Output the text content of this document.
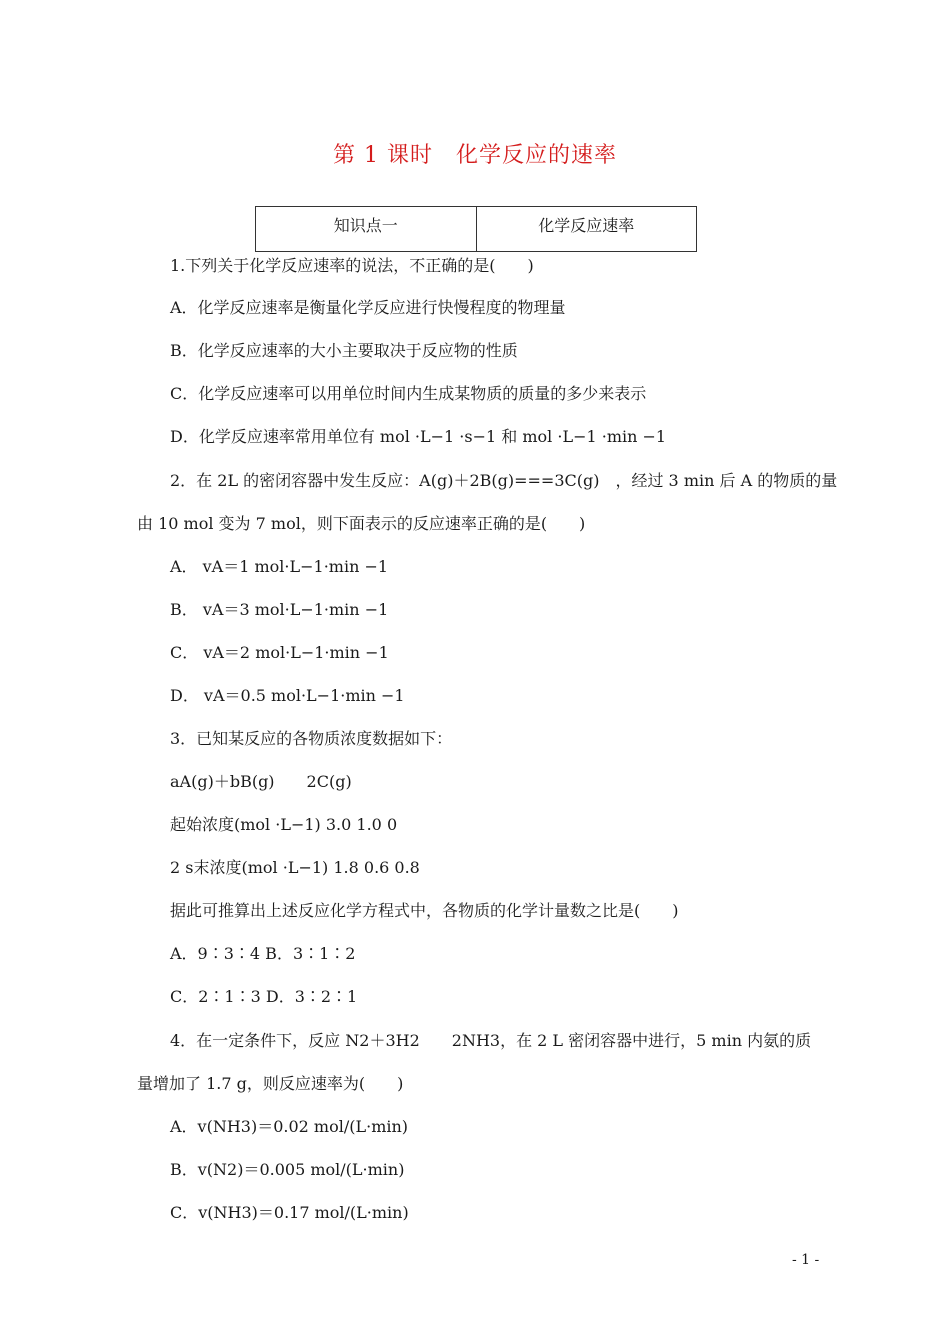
第 1 课时　化学反应的速率
知识点一	化学反应速率
1.下列关于化学反应速率的说法，不正确的是(　　)
A．化学反应速率是衡量化学反应进行快慢程度的物理量
B．化学反应速率的大小主要取决于反应物的性质
C．化学反应速率可以用单位时间内生成某物质的质量的多少来表示
D．化学反应速率常用单位有 mol ·L−1 ·s−1 和 mol ·L−1 ·min −1
2．在 2L 的密闭容器中发生反应：A(g)＋2B(g)===3C(g)　，经过 3 min 后 A 的物质的量
由 10 mol 变为 7 mol，则下面表示的反应速率正确的是(　　)
A． vA＝1 mol·L−1·min −1
B． vA＝3 mol·L−1·min −1
C． vA＝2 mol·L−1·min −1
D． vA＝0.5 mol·L−1·min −1
3．已知某反应的各物质浓度数据如下：
aA(g)＋bB(g)　　2C(g)
起始浓度(mol ·L−1) 3.0 1.0 0
2 s末浓度(mol ·L−1) 1.8 0.6 0.8
据此可推算出上述反应化学方程式中，各物质的化学计量数之比是(　　)
A．9∶3∶4 B．3∶1∶2
C．2∶1∶3 D．3∶2∶1
4．在一定条件下，反应 N2＋3H2　　2NH3，在 2 L 密闭容器中进行，5 min 内氨的质
量增加了 1.7 g，则反应速率为(　　)
A．v(NH3)＝0.02 mol/(L·min)
B．v(N2)＝0.005 mol/(L·min)
C．v(NH3)＝0.17 mol/(L·min)
- 1 -
